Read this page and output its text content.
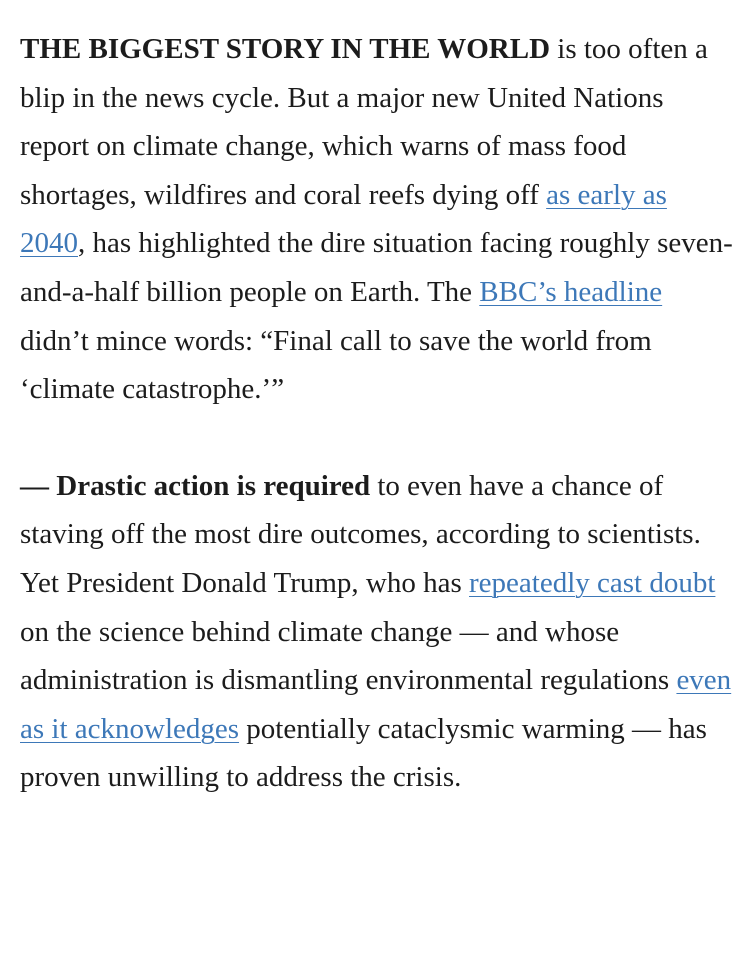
THE BIGGEST STORY IN THE WORLD is too often a blip in the news cycle. But a major new United Nations report on climate change, which warns of mass food shortages, wildfires and coral reefs dying off as early as 2040, has highlighted the dire situation facing roughly seven-and-a-half billion people on Earth. The BBC’s headline didn’t mince words: “Final call to save the world from ‘climate catastrophe.’”

— Drastic action is required to even have a chance of staving off the most dire outcomes, according to scientists. Yet President Donald Trump, who has repeatedly cast doubt on the science behind climate change — and whose administration is dismantling environmental regulations even as it acknowledges potentially cataclysmic warming — has proven unwilling to address the crisis.
